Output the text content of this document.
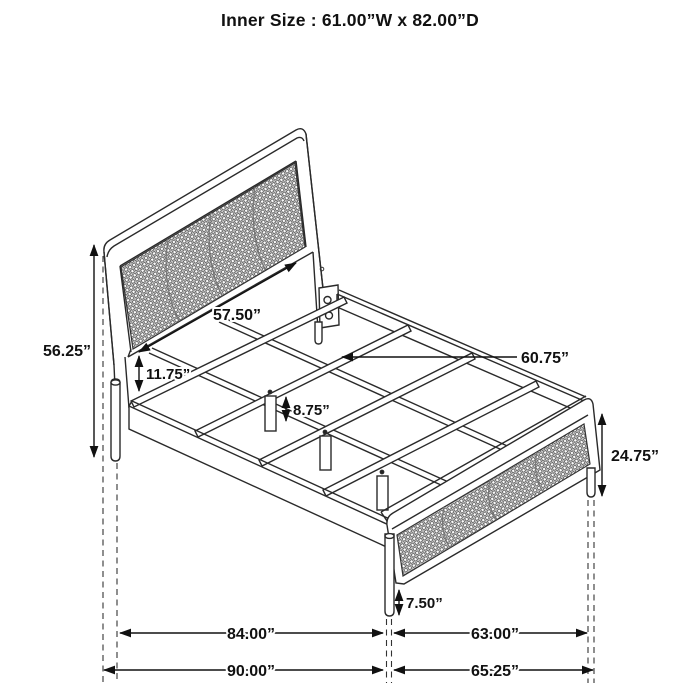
Inner Size : 61.00”W x 82.00”D
56.25”
57.50”
11.75”
60.75”
8.75”
24.75”
7.50”
84.00”	63.00”
90.00”	65.25”
